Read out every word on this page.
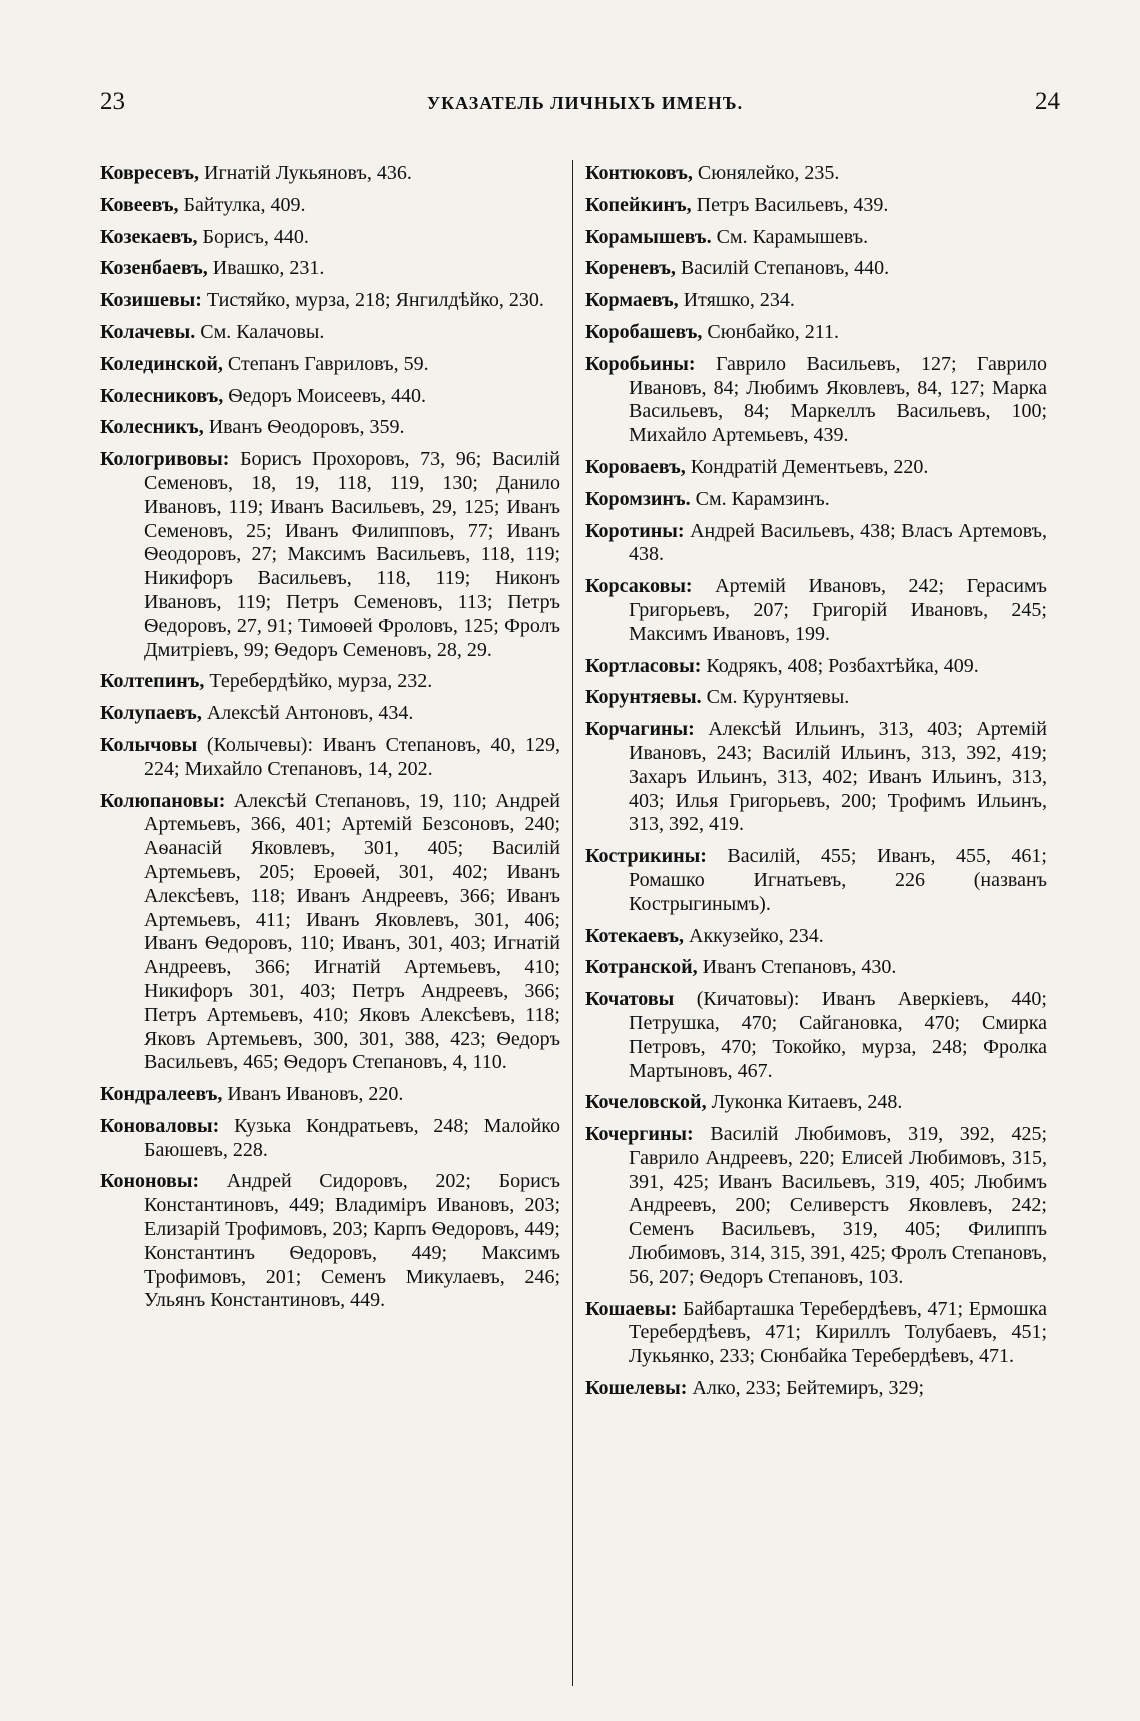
23	УКАЗАТЕЛЬ ЛИЧНЫХЪ ИМЕНЪ.	24

Ковресевъ, Игнатій Лукьяновъ, 436.

Ковеевъ, Байтулка, 409.

Козекаевъ, Борисъ, 440.

Козенбаевъ, Ивашко, 231.

Козишевы: Тистяйко, мурза, 218; Янгилдѣйко, 230.

Колачевы. См. Калачовы.

Колединской, Степанъ Гавриловъ, 59.

Колесниковъ, Ѳедоръ Моисеевъ, 440.

Колесникъ, Иванъ Ѳеодоровъ, 359.

Кологривовы: Борисъ Прохоровъ, 73, 96; Василій Семеновъ, 18, 19, 118, 119, 130; Данило Ивановъ, 119; Иванъ Васильевъ, 29, 125; Иванъ Семеновъ, 25; Иванъ Филипповъ, 77; Иванъ Ѳеодоровъ, 27; Максимъ Васильевъ, 118, 119; Никифоръ Васильевъ, 118, 119; Никонъ Ивановъ, 119; Петръ Семеновъ, 113; Петръ Ѳедоровъ, 27, 91; Тимоѳей Фроловъ, 125; Фролъ Дмитріевъ, 99; Ѳедоръ Семеновъ, 28, 29.

Колтепинъ, Теребердѣйко, мурза, 232.

Колупаевъ, Алексѣй Антоновъ, 434.

Колычовы (Колычевы): Иванъ Степановъ, 40, 129, 224; Михайло Степановъ, 14, 202.

Колюпановы: Алексѣй Степановъ, 19, 110; Андрей Артемьевъ, 366, 401; Артемій Безсоновъ, 240; Аѳанасій Яковлевъ, 301, 405; Василій Артемьевъ, 205; Ероѳей, 301, 402; Иванъ Алексѣевъ, 118; Иванъ Андреевъ, 366; Иванъ Артемьевъ, 411; Иванъ Яковлевъ, 301, 406; Иванъ Ѳедоровъ, 110; Иванъ, 301, 403; Игнатій Андреевъ, 366; Игнатій Артемьевъ, 410; Никифоръ 301, 403; Петръ Андреевъ, 366; Петръ Артемьевъ, 410; Яковъ Алексѣевъ, 118; Яковъ Артемьевъ, 300, 301, 388, 423; Ѳедоръ Васильевъ, 465; Ѳедоръ Степановъ, 4, 110.

Кондралеевъ, Иванъ Ивановъ, 220.

Коноваловы: Кузька Кондратьевъ, 248; Малойко Баюшевъ, 228.

Кононовы: Андрей Сидоровъ, 202; Борисъ Константиновъ, 449; Владиміръ Ивановъ, 203; Елизарій Трофимовъ, 203; Карпъ Ѳедоровъ, 449; Константинъ Ѳедоровъ, 449; Максимъ Трофимовъ, 201; Семенъ Микулаевъ, 246; Ульянъ Константиновъ, 449.

Контюковъ, Сюнялейко, 235.

Копейкинъ, Петръ Васильевъ, 439.

Корамышевъ. См. Карамышевъ.

Кореневъ, Василій Степановъ, 440.

Кормаевъ, Итяшко, 234.

Коробашевъ, Сюнбайко, 211.

Коробьины: Гаврило Васильевъ, 127; Гаврило Ивановъ, 84; Любимъ Яковлевъ, 84, 127; Марка Васильевъ, 84; Маркеллъ Васильевъ, 100; Михайло Артемьевъ, 439.

Короваевъ, Кондратій Дементьевъ, 220.

Коромзинъ. См. Карамзинъ.

Коротины: Андрей Васильевъ, 438; Власъ Артемовъ, 438.

Корсаковы: Артемій Ивановъ, 242; Герасимъ Григорьевъ, 207; Григорій Ивановъ, 245; Максимъ Ивановъ, 199.

Кортласовы: Кодрякъ, 408; Розбахтѣйка, 409.

Корунтяевы. См. Курунтяевы.

Корчагины: Алексѣй Ильинъ, 313, 403; Артемій Ивановъ, 243; Василій Ильинъ, 313, 392, 419; Захаръ Ильинъ, 313, 402; Иванъ Ильинъ, 313, 403; Илья Григорьевъ, 200; Трофимъ Ильинъ, 313, 392, 419.

Кострикины: Василій, 455; Иванъ, 455, 461; Ромашко Игнатьевъ, 226 (названъ Кострыгинымъ).

Котекаевъ, Аккузейко, 234.

Котранской, Иванъ Степановъ, 430.

Кочатовы (Кичатовы): Иванъ Аверкіевъ, 440; Петрушка, 470; Сайгановка, 470; Смирка Петровъ, 470; Токойко, мурза, 248; Фролка Мартыновъ, 467.

Кочеловской, Луконка Китаевъ, 248.

Кочергины: Василій Любимовъ, 319, 392, 425; Гаврило Андреевъ, 220; Елисей Любимовъ, 315, 391, 425; Иванъ Васильевъ, 319, 405; Любимъ Андреевъ, 200; Селиверстъ Яковлевъ, 242; Семенъ Васильевъ, 319, 405; Филиппъ Любимовъ, 314, 315, 391, 425; Фролъ Степановъ, 56, 207; Ѳедоръ Степановъ, 103.

Кошаевы: Байбарташка Теребердѣевъ, 471; Ермошка Теребердѣевъ, 471; Кириллъ Толубаевъ, 451; Лукьянко, 233; Сюнбайка Теребердѣевъ, 471.

Кошелевы: Алко, 233; Бейтемиръ, 329;
